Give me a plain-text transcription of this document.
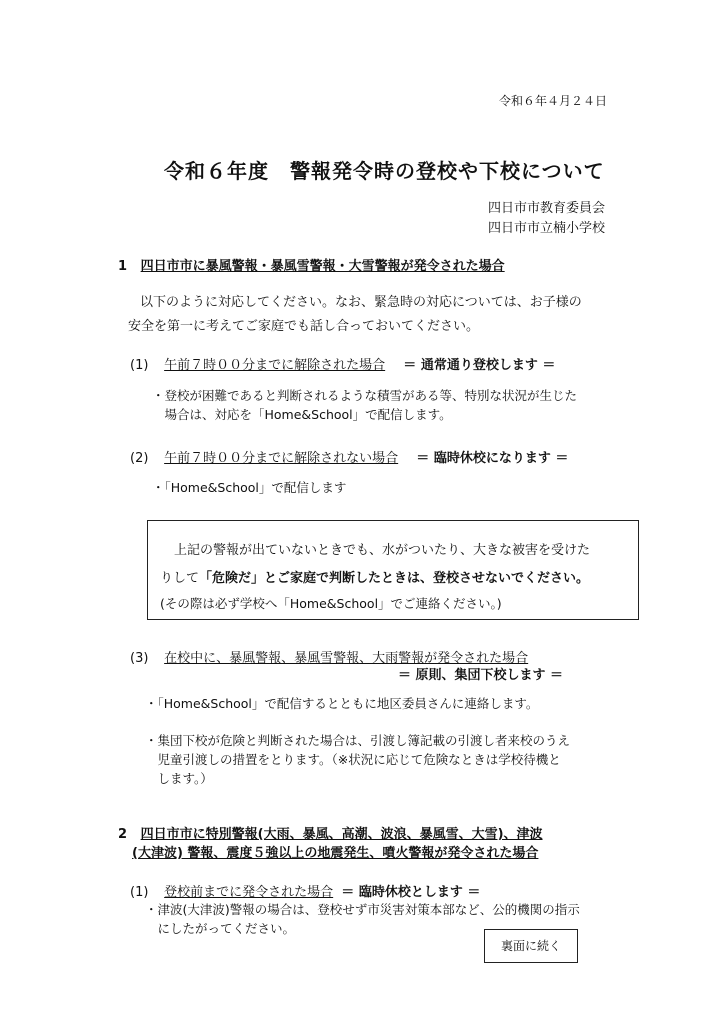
令和６年４月２４日
令和６年度　警報発令時の登校や下校について
四日市市教育委員会
四日市市立楠小学校
1 四日市市に暴風警報・暴風雪警報・大雪警報が発令された場合
以下のように対応してください。なお、緊急時の対応については、お子様の
安全を第一に考えてご家庭でも話し合っておいてください。
(1) 午前７時００分までに解除された場合 ＝ 通常通り登校します ＝
・登校が困難であると判断されるような積雪がある等、特別な状況が生じた
　場合は、対応を「Home&School」で配信します。
(2) 午前７時００分までに解除されない場合 ＝ 臨時休校になります ＝
・「Home&School」で配信します
上記の警報が出ていないときでも、水がついたり、大きな被害を受けた
りして「危険だ」とご家庭で判断したときは、登校させないでください。
(その際は必ず学校へ「Home&School」でご連絡ください。)
(3) 在校中に、暴風警報、暴風雪警報、大雨警報が発令された場合
＝ 原則、集団下校します ＝
・「Home&School」で配信するとともに地区委員さんに連絡します。
・集団下校が危険と判断された場合は、引渡し簿記載の引渡し者来校のうえ
　児童引渡しの措置をとります。（※状況に応じて危険なときは学校待機と
　します。）
2 四日市市に特別警報(大雨、暴風、高潮、波浪、暴風雪、大雪)、津波
(大津波) 警報、震度５強以上の地震発生、噴火警報が発令された場合
(1) 登校前までに発令された場合 ＝ 臨時休校とします ＝
・津波(大津波)警報の場合は、登校せず市災害対策本部など、公的機関の指示
　にしたがってください。
裏面に続く
